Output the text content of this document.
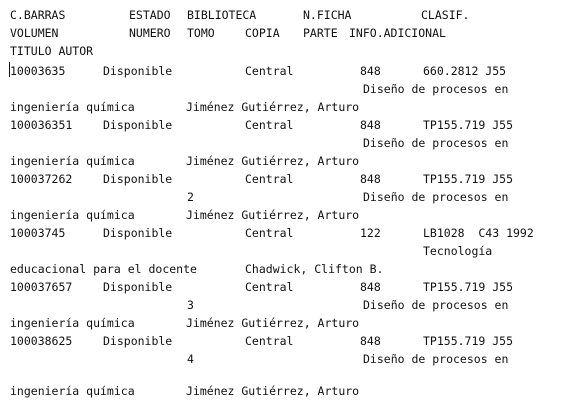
C.BARRAS	ESTADO BIBLIOTECA	N.FICHA	CLASIF.
VOLUMEN	NUMERO TOMO	COPIA PARTE INFO.ADICIONAL
TITULO AUTOR
10003635	Disponible	Central	848	660.2812 J55
Diseño de procesos en
ingeniería química	Jiménez Gutiérrez, Arturo
100036351	Disponible	Central	848	TP155.719 J55
Diseño de procesos en
ingeniería química	Jiménez Gutiérrez, Arturo
100037262	Disponible	Central	848	TP155.719 J55
2	Diseño de procesos en
ingeniería química	Jiménez Gutiérrez, Arturo
10003745	Disponible	Central	122	LB1028  C43 1992
Tecnología
educacional para el docente	Chadwick, Clifton B.
100037657	Disponible	Central	848	TP155.719 J55
3	Diseño de procesos en
ingeniería química	Jiménez Gutiérrez, Arturo
100038625	Disponible	Central	848	TP155.719 J55
4	Diseño de procesos en
ingeniería química	Jiménez Gutiérrez, Arturo
